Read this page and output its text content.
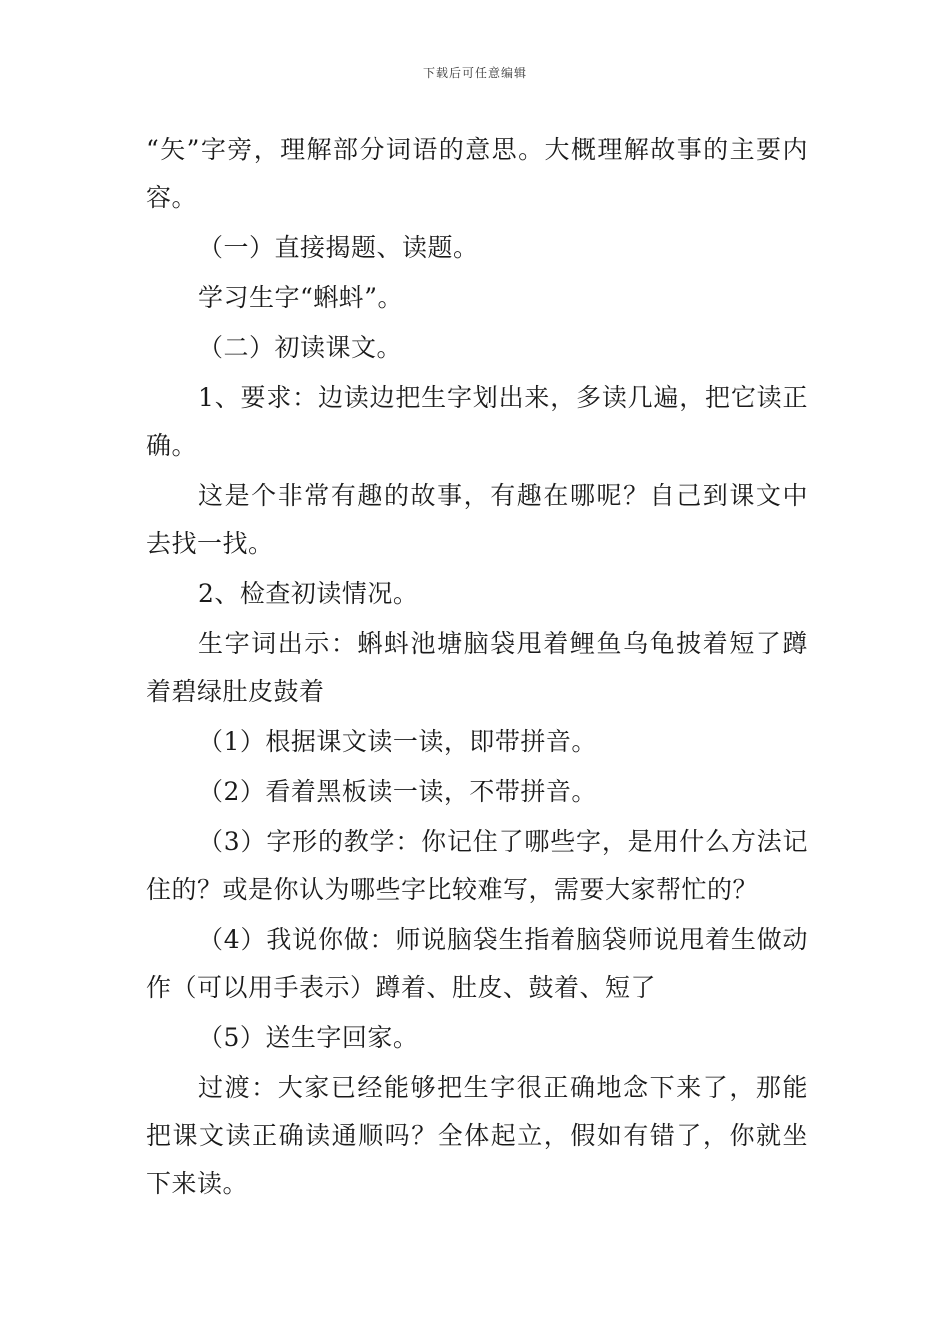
下载后可任意编辑

“矢”字旁，理解部分词语的意思。大概理解故事的主要内容。

（一）直接揭题、读题。

学习生字“蝌蚪”。

（二）初读课文。

1、要求：边读边把生字划出来，多读几遍，把它读正确。

这是个非常有趣的故事，有趣在哪呢？自己到课文中去找一找。

2、检查初读情况。

生字词出示：蝌蚪池塘脑袋甩着鲤鱼乌龟披着短了蹲着碧绿肚皮鼓着

（1）根据课文读一读，即带拼音。

（2）看着黑板读一读，不带拼音。

（3）字形的教学：你记住了哪些字，是用什么方法记住的？或是你认为哪些字比较难写，需要大家帮忙的？

（4）我说你做：师说脑袋生指着脑袋师说甩着生做动作（可以用手表示）蹲着、肚皮、鼓着、短了

（5）送生字回家。

过渡：大家已经能够把生字很正确地念下来了，那能把课文读正确读通顺吗？全体起立，假如有错了，你就坐下来读。
